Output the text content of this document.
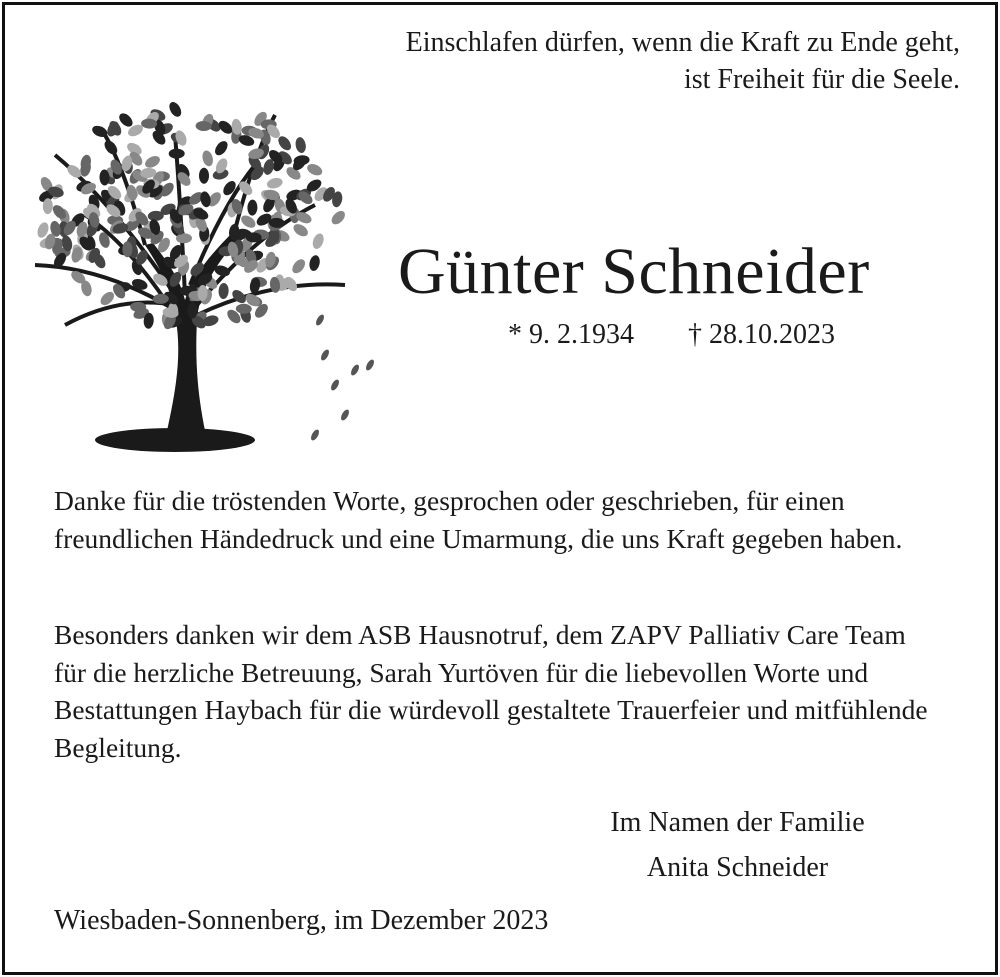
Einschlafen dürfen, wenn die Kraft zu Ende geht,
ist Freiheit für die Seele.
Günter Schneider
* 9. 2.1934 † 28.10.2023
Danke für die tröstenden Worte, gesprochen oder geschrieben, für einen freundlichen Händedruck und eine Umarmung, die uns Kraft gegeben haben.
Besonders danken wir dem ASB Hausnotruf, dem ZAPV Palliativ Care Team für die herzliche Betreuung, Sarah Yurtöven für die liebevollen Worte und Bestattungen Haybach für die würdevoll gestaltete Trauerfeier und mitfühlende Begleitung.
Im Namen der Familie
Anita Schneider
Wiesbaden-Sonnenberg, im Dezember 2023
